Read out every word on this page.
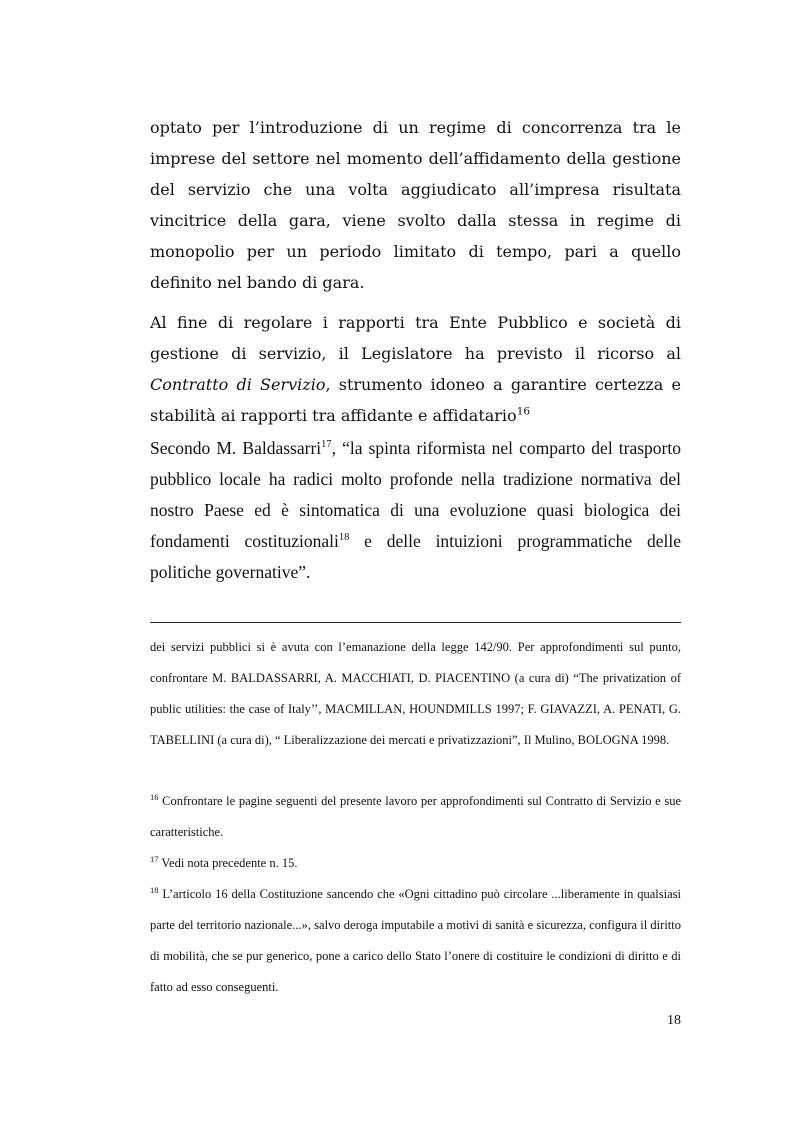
optato per l’introduzione di un regime di concorrenza tra le imprese del settore nel momento dell’affidamento della gestione del servizio che una volta aggiudicato all’impresa risultata vincitrice della gara, viene svolto dalla stessa in regime di monopolio per un periodo limitato di tempo, pari a quello definito nel bando di gara.

Al fine di regolare i rapporti tra Ente Pubblico e società di gestione di servizio, il Legislatore ha previsto il ricorso al Contratto di Servizio, strumento idoneo a garantire certezza e stabilità ai rapporti tra affidante e affidatario$^{16}$

Secondo M. Baldassarri$^{17}$, “la spinta riformista nel comparto del trasporto pubblico locale ha radici molto profonde nella tradizione normativa del nostro Paese ed è sintomatica di una evoluzione quasi biologica dei fondamenti costituzionali$^{18}$ e delle intuizioni programmatiche delle politiche governative”.

dei servizi pubblici si è avuta con l’emanazione della legge 142/90. Per approfondimenti sul punto, confrontare M. BALDASSARRI, A. MACCHIATI, D. PIACENTINO (a cura di) “The privatization of public utilities: the case of Italy’’, MACMILLAN, HOUNDMILLS 1997; F. GIAVAZZI, A. PENATI, G. TABELLINI (a cura di), “ Liberalizzazione dei mercati e privatizzazioni”, Il Mulino, BOLOGNA 1998.

$^{16}$ Confrontare le pagine seguenti del presente lavoro per approfondimenti sul Contratto di Servizio e sue caratteristiche.

$^{17}$ Vedi nota precedente n. 15.

$^{18}$ L’articolo 16 della Costituzione sancendo che «Ogni cittadino può circolare ...liberamente in qualsiasi parte del territorio nazionale...», salvo deroga imputabile a motivi di sanità e sicurezza, configura il diritto di mobilità, che se pur generico, pone a carico dello Stato l’onere di costituire le condizioni di diritto e di fatto ad esso conseguenti.

18
